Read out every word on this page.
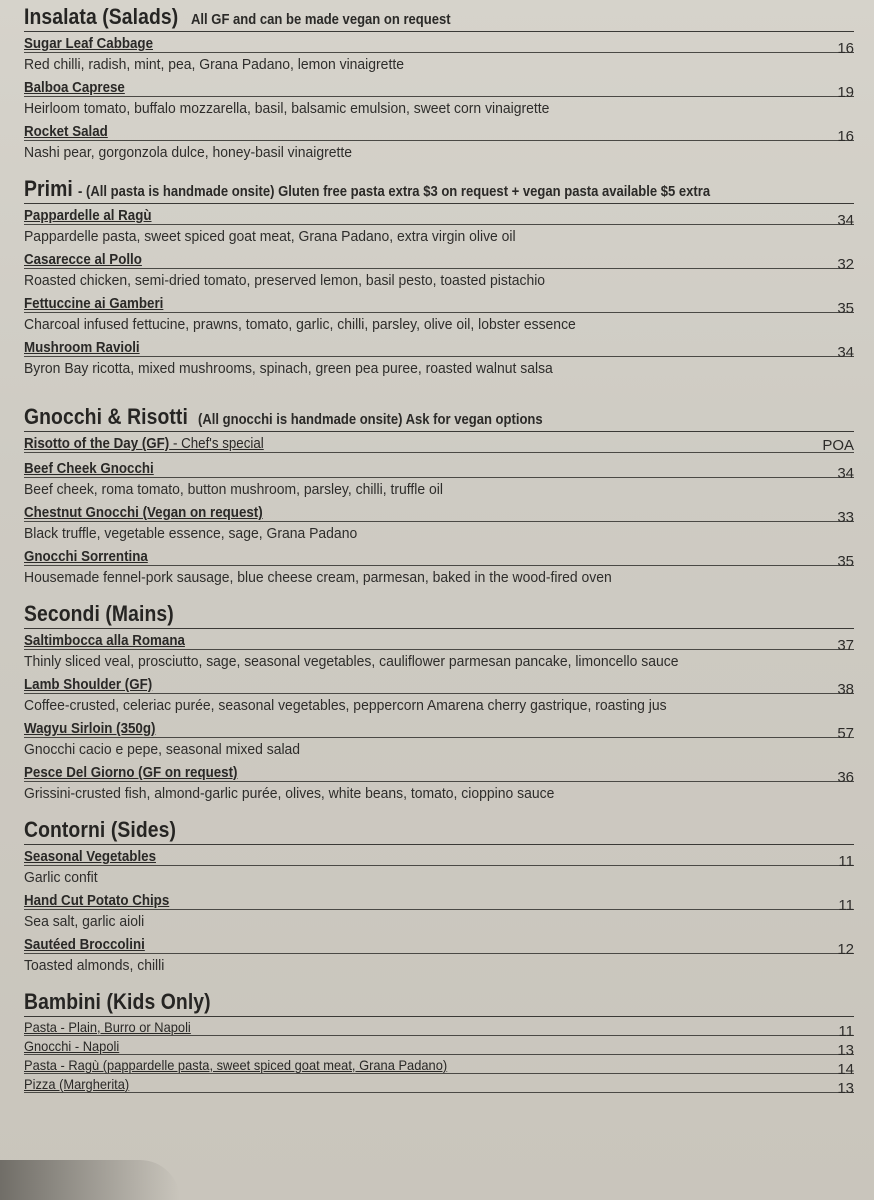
Insalata (Salads) All GF and can be made vegan on request
Sugar Leaf Cabbage	16
Red chilli, radish, mint, pea, Grana Padano, lemon vinaigrette
Balboa Caprese	19
Heirloom tomato, buffalo mozzarella, basil, balsamic emulsion, sweet corn vinaigrette
Rocket Salad	16
Nashi pear, gorgonzola dulce, honey-basil vinaigrette
Primi - (All pasta is handmade onsite) Gluten free pasta extra $3 on request + vegan pasta available $5 extra
Pappardelle al Ragù	34
Pappardelle pasta, sweet spiced goat meat, Grana Padano, extra virgin olive oil
Casarecce al Pollo	32
Roasted chicken, semi-dried tomato, preserved lemon, basil pesto, toasted pistachio
Fettuccine ai Gamberi	35
Charcoal infused fettucine, prawns, tomato, garlic, chilli, parsley, olive oil, lobster essence
Mushroom Ravioli	34
Byron Bay ricotta, mixed mushrooms, spinach, green pea puree, roasted walnut salsa
Gnocchi & Risotti (All gnocchi is handmade onsite) Ask for vegan options
Risotto of the Day (GF) - Chef's special	POA
Beef Cheek Gnocchi	34
Beef cheek, roma tomato, button mushroom, parsley, chilli, truffle oil
Chestnut Gnocchi (Vegan on request)	33
Black truffle, vegetable essence, sage, Grana Padano
Gnocchi Sorrentina	35
Housemade fennel-pork sausage, blue cheese cream, parmesan, baked in the wood-fired oven
Secondi (Mains)
Saltimbocca alla Romana	37
Thinly sliced veal, prosciutto, sage, seasonal vegetables, cauliflower parmesan pancake, limoncello sauce
Lamb Shoulder (GF)	38
Coffee-crusted, celeriac purée, seasonal vegetables, peppercorn Amarena cherry gastrique, roasting jus
Wagyu Sirloin (350g)	57
Gnocchi cacio e pepe, seasonal mixed salad
Pesce Del Giorno (GF on request)	36
Grissini-crusted fish, almond-garlic purée, olives, white beans, tomato, cioppino sauce
Contorni (Sides)
Seasonal Vegetables	11
Garlic confit
Hand Cut Potato Chips	11
Sea salt, garlic aioli
Sautéed Broccolini	12
Toasted almonds, chilli
Bambini (Kids Only)
Pasta - Plain, Burro or Napoli	11
Gnocchi - Napoli	13
Pasta - Ragù (pappardelle pasta, sweet spiced goat meat, Grana Padano)	14
Pizza (Margherita)	13
